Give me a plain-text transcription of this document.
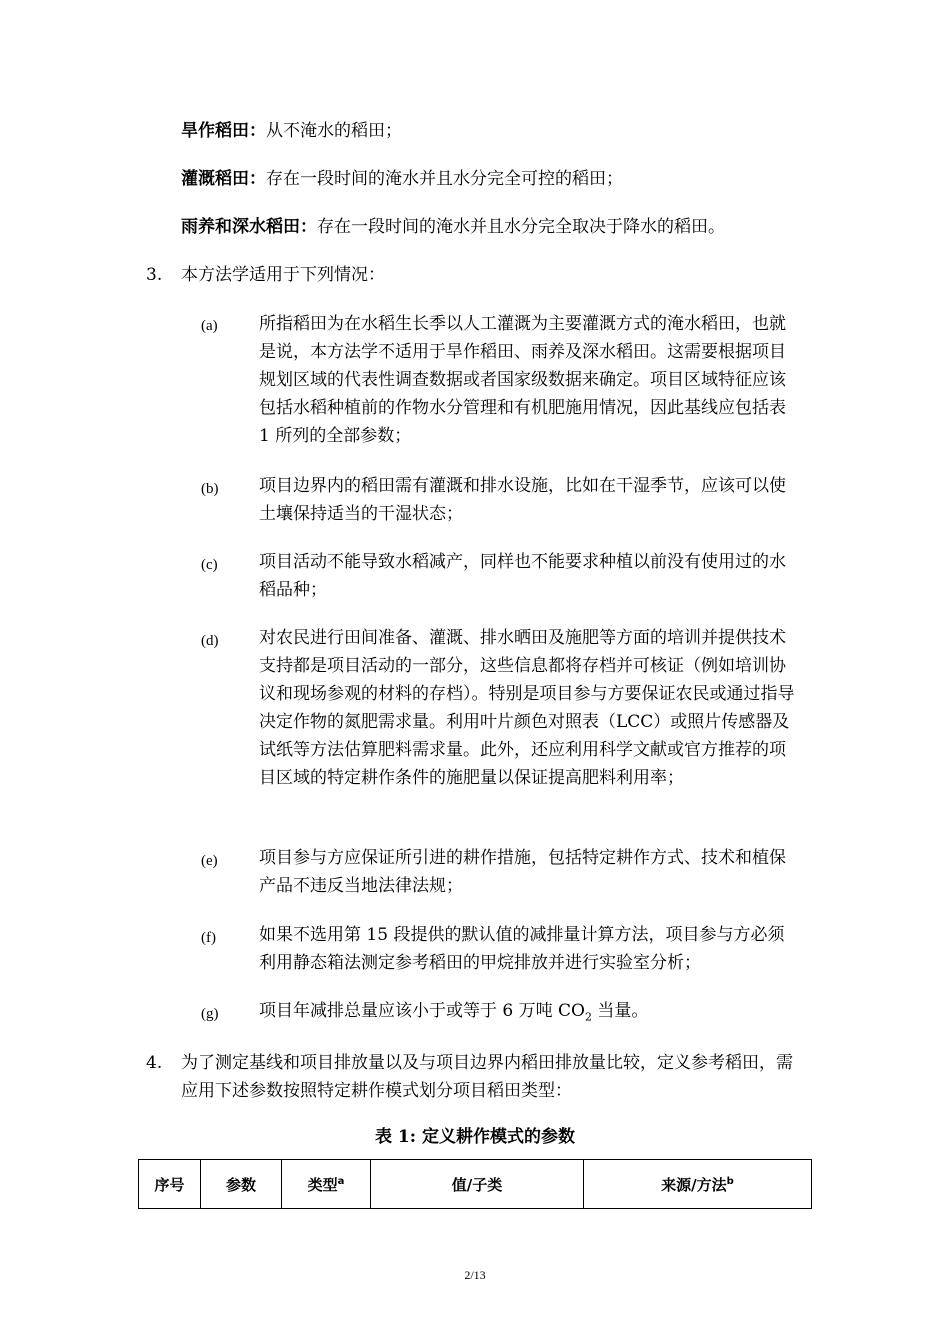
旱作稻田：从不淹水的稻田；
灌溉稻田：存在一段时间的淹水并且水分完全可控的稻田；
雨养和深水稻田：存在一段时间的淹水并且水分完全取决于降水的稻田。
3. 本方法学适用于下列情况：
(a) 所指稻田为在水稻生长季以人工灌溉为主要灌溉方式的淹水稻田，也就是说，本方法学不适用于旱作稻田、雨养及深水稻田。这需要根据项目规划区域的代表性调查数据或者国家级数据来确定。项目区域特征应该包括水稻种植前的作物水分管理和有机肥施用情况，因此基线应包括表 1 所列的全部参数；
(b) 项目边界内的稻田需有灌溉和排水设施，比如在干湿季节，应该可以使土壤保持适当的干湿状态；
(c) 项目活动不能导致水稻减产，同样也不能要求种植以前没有使用过的水稻品种；
(d) 对农民进行田间准备、灌溉、排水晒田及施肥等方面的培训并提供技术支持都是项目活动的一部分，这些信息都将存档并可核证（例如培训协议和现场参观的材料的存档）。特别是项目参与方要保证农民或通过指导决定作物的氮肥需求量。利用叶片颜色对照表（LCC）或照片传感器及试纸等方法估算肥料需求量。此外，还应利用科学文献或官方推荐的项目区域的特定耕作条件的施肥量以保证提高肥料利用率；
(e) 项目参与方应保证所引进的耕作措施，包括特定耕作方式、技术和植保产品不违反当地法律法规；
(f)	如果不选用第 15 段提供的默认值的减排量计算方法，项目参与方必须利用静态箱法测定参考稻田的甲烷排放并进行实验室分析；
(g) 项目年减排总量应该小于或等于 6 万吨 $CO_2$ 当量。
4. 为了测定基线和项目排放量以及与项目边界内稻田排放量比较，定义参考稻田，需应用下述参数按照特定耕作模式划分项目稻田类型：
表 1: 定义耕作模式的参数
序号	参数	类型$^a$	值/子类	来源/方法$^b$
2/13
